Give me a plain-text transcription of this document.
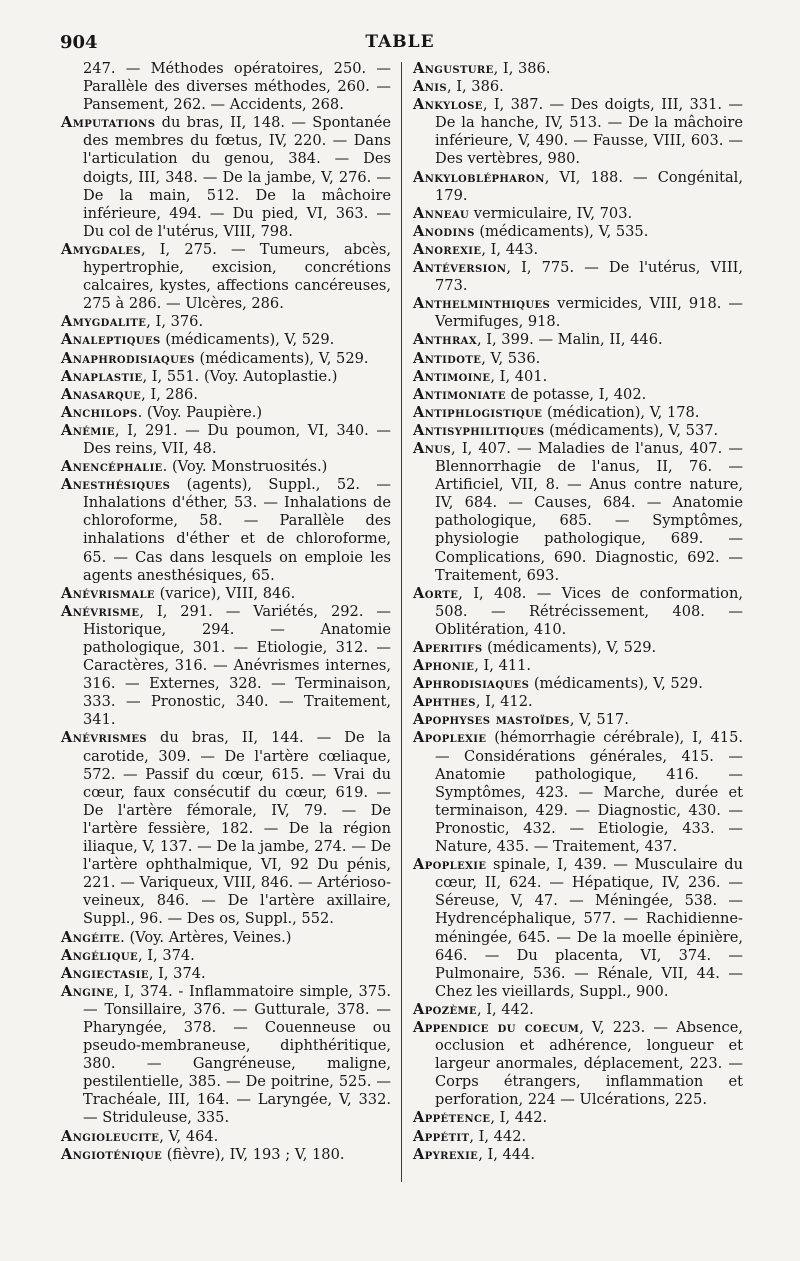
904	TABLE

247. — Méthodes opératoires, 250. — Parallèle des diverses méthodes, 260. — Pansement, 262. — Accidents, 268.

Amputations du bras, II, 148. — Spontanée des membres du fœtus, IV, 220. — Dans l'articulation du genou, 384. — Des doigts, III, 348. — De la jambe, V, 276. — De la main, 512. De la mâchoire inférieure, 494. — Du pied, VI, 363. — Du col de l'utérus, VIII, 798.

Amygdales, I, 275. — Tumeurs, abcès, hypertrophie, excision, concrétions calcaires, kystes, affections cancéreuses, 275 à 286. — Ulcères, 286.

Amygdalite, I, 376.

Analeptiques (médicaments), V, 529.

Anaphrodisiaques (médicaments), V, 529.

Anaplastie, I, 551. (Voy. Autoplastie.)

Anasarque, I, 286.

Anchilops. (Voy. Paupière.)

Anémie, I, 291. — Du poumon, VI, 340. — Des reins, VII, 48.

Anencéphalie. (Voy. Monstruosités.)

Anesthésiques (agents), Suppl., 52. — Inhalations d'éther, 53. — Inhalations de chloroforme, 58. — Parallèle des inhalations d'éther et de chloroforme, 65. — Cas dans lesquels on emploie les agents anesthésiques, 65.

Anévrismale (varice), VIII, 846.

Anévrisme, I, 291. — Variétés, 292. — Historique, 294. — Anatomie pathologique, 301. — Etiologie, 312. — Caractères, 316. — Anévrismes internes, 316. — Externes, 328. — Terminaison, 333. — Pronostic, 340. — Traitement, 341.

Anévrismes du bras, II, 144. — De la carotide, 309. — De l'artère cœliaque, 572. — Passif du cœur, 615. — Vrai du cœur, faux consécutif du cœur, 619. — De l'artère fémorale, IV, 79. — De l'artère fessière, 182. — De la région iliaque, V, 137. — De la jambe, 274. — De l'artère ophthalmique, VI, 92 Du pénis, 221. — Variqueux, VIII, 846. — Artérioso-veineux, 846. — De l'artère axillaire, Suppl., 96. — Des os, Suppl., 552.

Angéite. (Voy. Artères, Veines.)

Angélique, I, 374.

Angiectasie, I, 374.

Angine, I, 374. - Inflammatoire simple, 375. — Tonsillaire, 376. — Gutturale, 378. — Pharyngée, 378. — Couenneuse ou pseudo-membraneuse, diphthéritique, 380. — Gangréneuse, maligne, pestilentielle, 385. — De poitrine, 525. — Trachéale, III, 164. — Laryngée, V, 332. — Striduleuse, 335.

Angioleucite, V, 464.

Angioténique (fièvre), IV, 193 ; V, 180.

Angusture, I, 386.

Anis, I, 386.

Ankylose, I, 387. — Des doigts, III, 331. — De la hanche, IV, 513. — De la mâchoire inférieure, V, 490. — Fausse, VIII, 603. — Des vertèbres, 980.

Ankyloblépharon, VI, 188. — Congénital, 179.

Anneau vermiculaire, IV, 703.

Anodins (médicaments), V, 535.

Anorexie, I, 443.

Antéversion, I, 775. — De l'utérus, VIII, 773.

Anthelminthiques vermicides, VIII, 918. — Vermifuges, 918.

Anthrax, I, 399. — Malin, II, 446.

Antidote, V, 536.

Antimoine, I, 401.

Antimoniate de potasse, I, 402.

Antiphlogistique (médication), V, 178.

Antisyphilitiques (médicaments), V, 537.

Anus, I, 407. — Maladies de l'anus, 407. — Blennorrhagie de l'anus, II, 76. — Artificiel, VII, 8. — Anus contre nature, IV, 684. — Causes, 684. — Anatomie pathologique, 685. — Symptômes, physiologie pathologique, 689. — Complications, 690. Diagnostic, 692. — Traitement, 693.

Aorte, I, 408. — Vices de conformation, 508. — Rétrécissement, 408. — Oblitération, 410.

Aperitifs (médicaments), V, 529.

Aphonie, I, 411.

Aphrodisiaques (médicaments), V, 529.

Aphthes, I, 412.

Apophyses mastoïdes, V, 517.

Apoplexie (hémorrhagie cérébrale), I, 415. — Considérations générales, 415. — Anatomie pathologique, 416. — Symptômes, 423. — Marche, durée et terminaison, 429. — Diagnostic, 430. — Pronostic, 432. — Etiologie, 433. — Nature, 435. — Traitement, 437.

Apoplexie spinale, I, 439. — Musculaire du cœur, II, 624. — Hépatique, IV, 236. — Séreuse, V, 47. — Méningée, 538. — Hydrencéphalique, 577. — Rachidienne-méningée, 645. — De la moelle épinière, 646. — Du placenta, VI, 374. — Pulmonaire, 536. — Rénale, VII, 44. — Chez les vieillards, Suppl., 900.

Apozème, I, 442.

Appendice du coecum, V, 223. — Absence, occlusion et adhérence, longueur et largeur anormales, déplacement, 223. — Corps étrangers, inflammation et perforation, 224 — Ulcérations, 225.

Appétence, I, 442.

Appétit, I, 442.

Apyrexie, I, 444.
